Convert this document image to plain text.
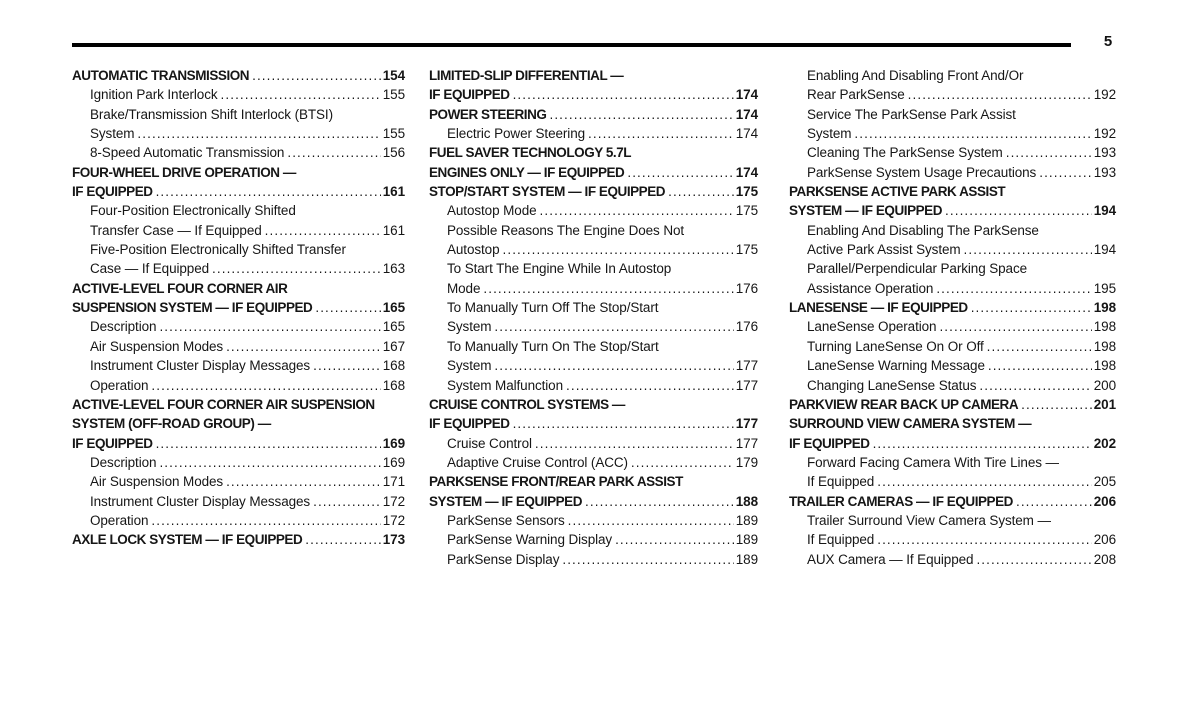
5
AUTOMATIC TRANSMISSION .....	154
Ignition Park Interlock .....	155
Brake/Transmission Shift Interlock (BTSI)
System .....	155
8-Speed Automatic Transmission .....	156
FOUR-WHEEL DRIVE OPERATION —
IF EQUIPPED .....	161
Four-Position Electronically Shifted
Transfer Case — If Equipped .....	161
Five-Position Electronically Shifted Transfer
Case — If Equipped .....	163
ACTIVE-LEVEL FOUR CORNER AIR
SUSPENSION SYSTEM — IF EQUIPPED .....	165
Description .....	165
Air Suspension Modes .....	167
Instrument Cluster Display Messages .....	168
Operation .....	168
ACTIVE-LEVEL FOUR CORNER AIR SUSPENSION
SYSTEM (OFF-ROAD GROUP) —
IF EQUIPPED .....	169
Description .....	169
Air Suspension Modes .....	171
Instrument Cluster Display Messages .....	172
Operation .....	172
AXLE LOCK SYSTEM — IF EQUIPPED .....	173
LIMITED-SLIP DIFFERENTIAL —
IF EQUIPPED .....	174
POWER STEERING .....	174
Electric Power Steering .....	174
FUEL SAVER TECHNOLOGY 5.7L
ENGINES ONLY — IF EQUIPPED .....	174
STOP/START SYSTEM — IF EQUIPPED .....	175
Autostop Mode .....	175
Possible Reasons The Engine Does Not
Autostop .....	175
To Start The Engine While In Autostop
Mode .....	176
To Manually Turn Off The Stop/Start
System .....	176
To Manually Turn On The Stop/Start
System .....	177
System Malfunction .....	177
CRUISE CONTROL SYSTEMS —
IF EQUIPPED .....	177
Cruise Control .....	177
Adaptive Cruise Control (ACC) .....	179
PARKSENSE FRONT/REAR PARK ASSIST
SYSTEM — IF EQUIPPED .....	188
ParkSense Sensors .....	189
ParkSense Warning Display .....	189
ParkSense Display .....	189
Enabling And Disabling Front And/Or
Rear ParkSense .....	192
Service The ParkSense Park Assist
System .....	192
Cleaning The ParkSense System .....	193
ParkSense System Usage Precautions .....	193
PARKSENSE ACTIVE PARK ASSIST
SYSTEM — IF EQUIPPED .....	194
Enabling And Disabling The ParkSense
Active Park Assist System .....	194
Parallel/Perpendicular Parking Space
Assistance Operation .....	195
LANESENSE — IF EQUIPPED .....	198
LaneSense Operation .....	198
Turning LaneSense On Or Off .....	198
LaneSense Warning Message .....	198
Changing LaneSense Status .....	200
PARKVIEW REAR BACK UP CAMERA .....	201
SURROUND VIEW CAMERA SYSTEM —
IF EQUIPPED .....	202
Forward Facing Camera With Tire Lines —
If Equipped .....	205
TRAILER CAMERAS — IF EQUIPPED .....	206
Trailer Surround View Camera System —
If Equipped .....	206
AUX Camera — If Equipped .....	208
